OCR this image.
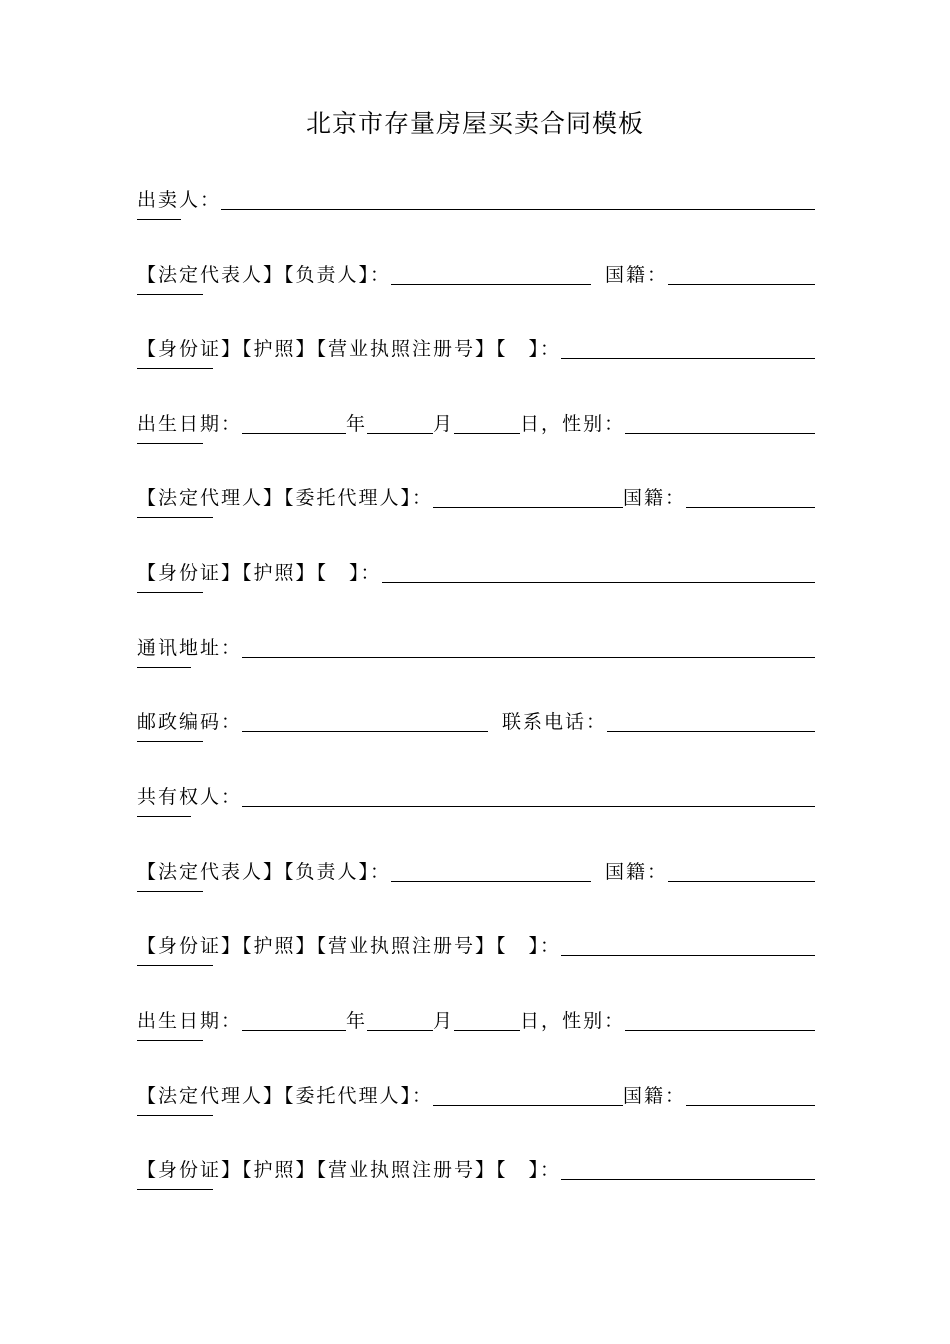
北京市存量房屋买卖合同模板
出卖人：
【法定代表人】【负责人】：	国籍：
【身份证】【护照】【营业执照注册号】【　】：
出生日期：	年	月	日， 性别：
【法定代理人】【委托代理人】：	国籍：
【身份证】【护照】【　】：
通讯地址：
邮政编码：	联系电话：
共有权人：
【法定代表人】【负责人】：	国籍：
【身份证】【护照】【营业执照注册号】【　】：
出生日期：	年	月	日， 性别：
【法定代理人】【委托代理人】：	国籍：
【身份证】【护照】【营业执照注册号】【　】：
